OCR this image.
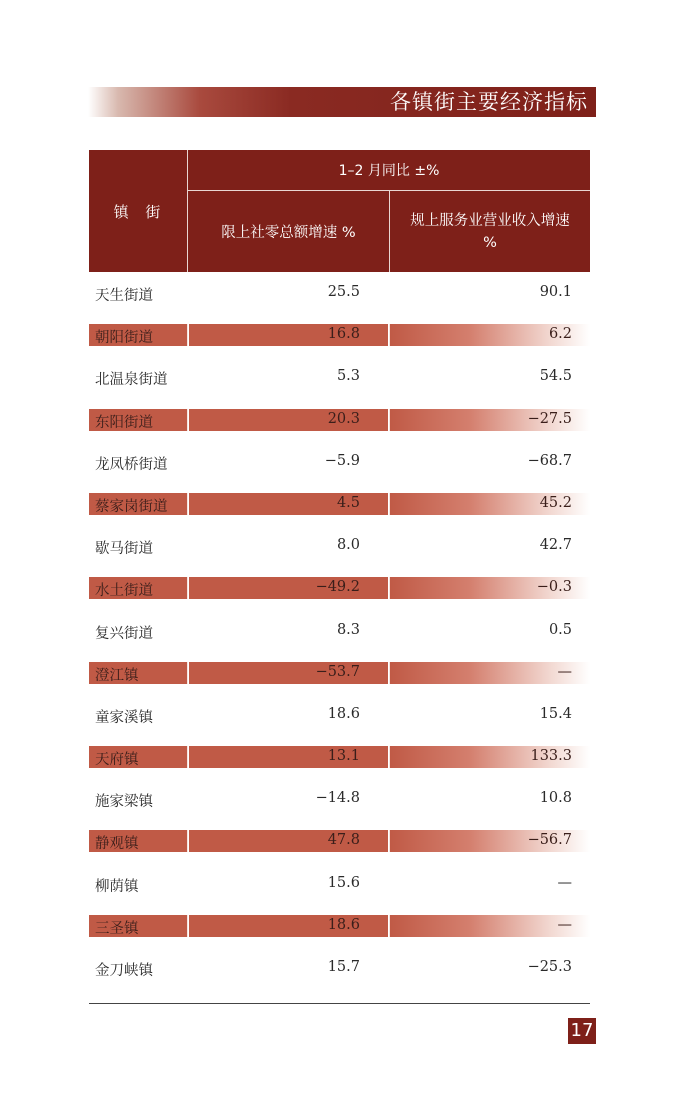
各镇街主要经济指标
镇 街
1–2 月同比 ±%
限上社零总额增速 %
规上服务业营业收入增速 %
天生街道	25.5	90.1
朝阳街道	16.8	6.2
北温泉街道	5.3	54.5
东阳街道	20.3	−27.5
龙凤桥街道	−5.9	−68.7
蔡家岗街道	4.5	45.2
歇马街道	8.0	42.7
水土街道	−49.2	−0.3
复兴街道	8.3	0.5
澄江镇	−53.7	—
童家溪镇	18.6	15.4
天府镇	13.1	133.3
施家梁镇	−14.8	10.8
静观镇	47.8	−56.7
柳荫镇	15.6	—
三圣镇	18.6	—
金刀峡镇	15.7	−25.3
17
